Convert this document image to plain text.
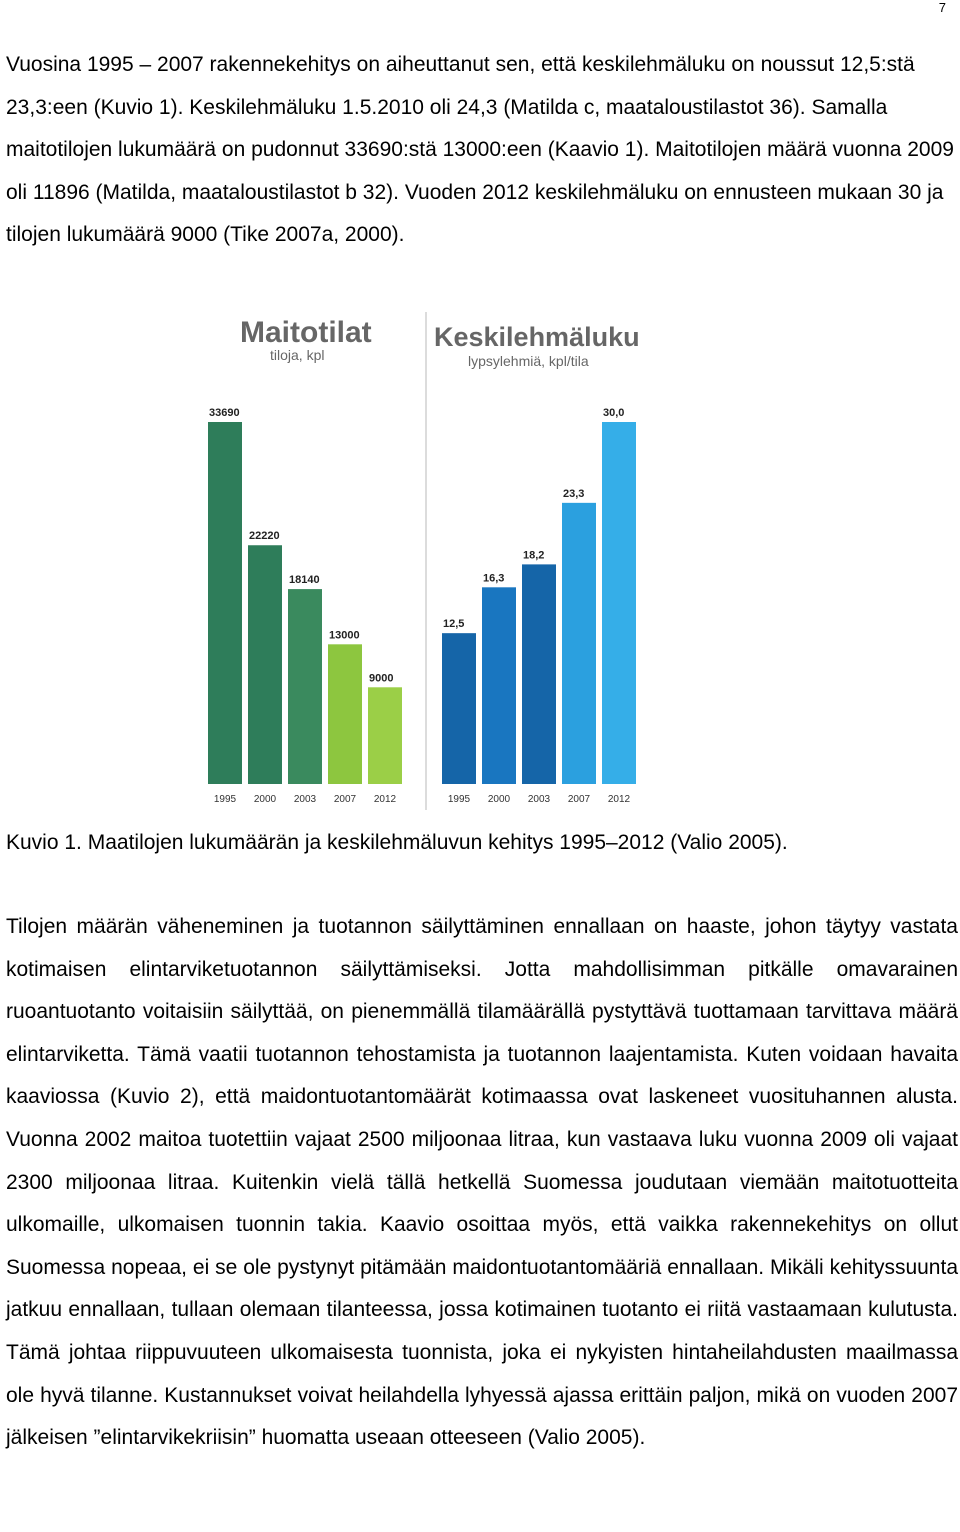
7
Vuosina 1995 – 2007 rakennekehitys on aiheuttanut sen, että keskilehmäluku on noussut 12,5:stä 23,3:een (Kuvio 1). Keskilehmäluku 1.5.2010 oli 24,3 (Matilda c, maataloustilastot 36). Samalla maitotilojen lukumäärä on pudonnut 33690:stä 13000:een (Kaavio 1). Maitotilojen määrä vuonna 2009 oli 11896 (Matilda, maataloustilastot b 32). Vuoden 2012 keskilehmäluku on ennusteen mukaan 30 ja tilojen lukumäärä 9000 (Tike 2007a, 2000).
Maitotilat
tiloja, kpl
33690
1995
22220
2000
18140
2003
13000
2007
9000
2012
Keskilehmäluku
lypsylehmiä, kpl/tila
12,5
1995
16,3
2000
18,2
2003
23,3
2007
30,0
2012
Kuvio 1. Maatilojen lukumäärän ja keskilehmäluvun kehitys 1995–2012 (Valio 2005).
Tilojen määrän väheneminen ja tuotannon säilyttäminen ennallaan on haaste, johon täytyy vastata kotimaisen elintarviketuotannon säilyttämiseksi. Jotta mahdollisimman pitkälle omavarainen ruoantuotanto voitaisiin säilyttää, on pienemmällä tilamäärällä pystyttävä tuottamaan tarvittava määrä elintarviketta. Tämä vaatii tuotannon tehostamista ja tuotannon laajentamista. Kuten voidaan havaita kaaviossa (Kuvio 2), että maidontuotantomäärät kotimaassa ovat laskeneet vuosituhannen alusta. Vuonna 2002 maitoa tuotettiin vajaat 2500 miljoonaa litraa, kun vastaava luku vuonna 2009 oli vajaat 2300 miljoonaa litraa. Kuitenkin vielä tällä hetkellä Suomessa joudutaan viemään maitotuotteita ulkomaille, ulkomaisen tuonnin takia. Kaavio osoittaa myös, että vaikka rakennekehitys on ollut Suomessa nopeaa, ei se ole pystynyt pitämään maidontuotantomääriä ennallaan. Mikäli kehityssuunta jatkuu ennallaan, tullaan olemaan tilanteessa, jossa kotimainen tuotanto ei riitä vastaamaan kulutusta. Tämä johtaa riippuvuuteen ulkomaisesta tuonnista, joka ei nykyisten hintaheilahdusten maailmassa ole hyvä tilanne. Kustannukset voivat heilahdella lyhyessä ajassa erittäin paljon, mikä on vuoden 2007 jälkeisen ”elintarvikekriisin” huomatta useaan otteeseen (Valio 2005).
